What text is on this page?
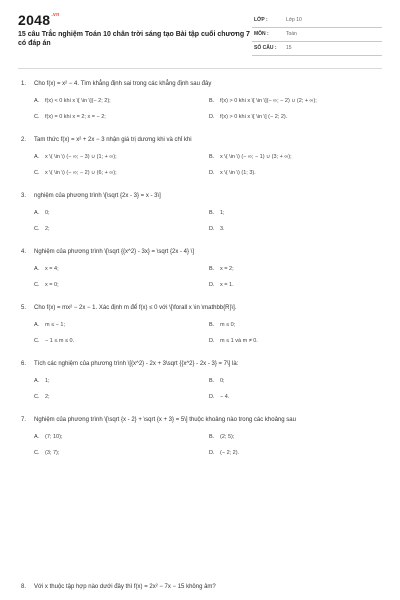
$2048^{.vn}$
15 câu Trắc nghiệm Toán 10 chân trời sáng tạo Bài tập cuối chương 7 có đáp án
LỚP :	Lớp 10
MÔN :	Toán
SỐ CÂU : 15
1. Cho f(x) = x² − 4. Tìm khẳng định sai trong các khẳng định sau đây
A. f(x) < 0 khi x \[ \in \](− 2; 2);	B. f(x) > 0 khi x \[ \in \](− ∞; − 2) ∪ (2; + ∞);
C. f(x) = 0 khi x = 2; x = − 2;	D. f(x) > 0 khi x \[ \in \] (− 2; 2).
2. Tam thức f(x) = x² + 2x − 3 nhận giá trị dương khi và chỉ khi
A. x \( \in \) (− ∞; − 3) ∪ (1; + ∞);	B. x \( \in \) (− ∞; − 1) ∪ (3; + ∞);
C. x \( \in \) (− ∞; − 2) ∪ (6; + ∞);	D. x \( \in \) (1; 3).
3. nghiệm của phương trình \[\sqrt {2x - 3} = x - 3\]
A. 0;	B. 1;
C. 2;	D. 3.
4. Nghiệm của phương trình \[\sqrt {{x^2} - 3x} = \sqrt {2x - 4} \]
A. x = 4;	B. x = 2;
C. x = 0;	D. x = 1.
5. Cho f(x) = mx² − 2x − 1. Xác định m để f(x) ≤ 0 với \[\forall x \in \mathbb{R}\].
A. m ≤ − 1;	B. m ≤ 0;
C. − 1 ≤ m ≤ 0.	D. m ≤ 1 và m ≠ 0.
6. Tích các nghiệm của phương trình \[{x^2} - 2x + 3\sqrt {{x^2} - 2x - 3} = 7\] là:
A. 1;	B. 0;
C. 2;	D. − 4.
7. Nghiệm của phương trình \[\sqrt {x - 2} + \sqrt {x + 3} = 5\] thuộc khoảng nào trong các khoảng sau
A. (7; 10);	B. (2; 5);
C. (3; 7);	D. (− 2; 2).
8. Với x thuộc tập hợp nào dưới đây thì f(x) = 2x² − 7x − 15 không âm?
